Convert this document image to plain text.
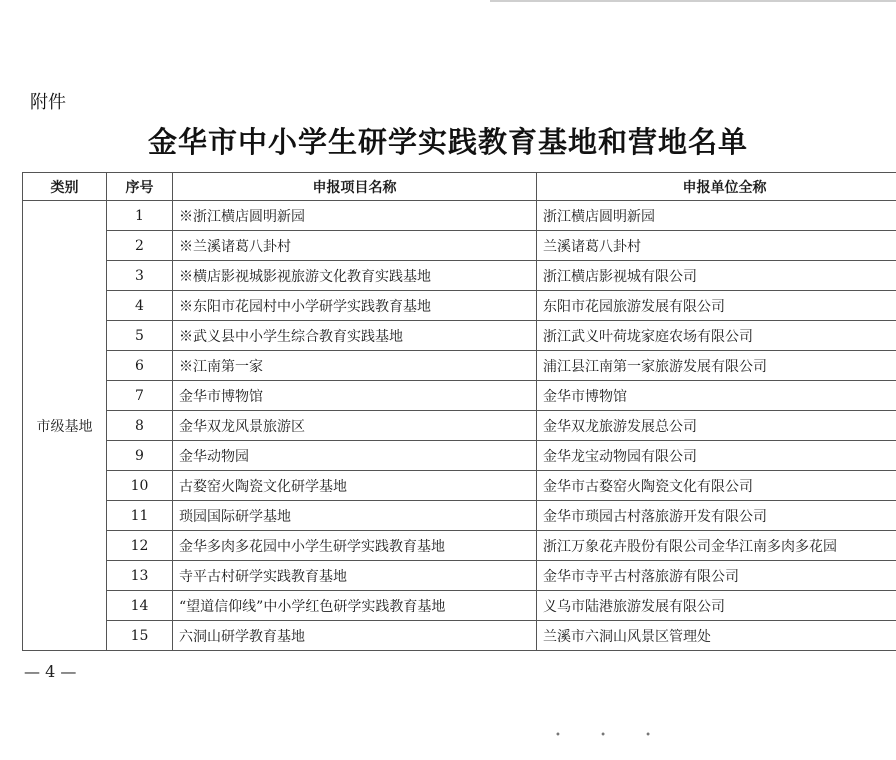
附件
金华市中小学生研学实践教育基地和营地名单
类别	序号	申报项目名称	申报单位全称
市级基地	1	※浙江横店圆明新园	浙江横店圆明新园
	2	※兰溪诸葛八卦村	兰溪诸葛八卦村
	3	※横店影视城影视旅游文化教育实践基地	浙江横店影视城有限公司
	4	※东阳市花园村中小学研学实践教育基地	东阳市花园旅游发展有限公司
	5	※武义县中小学生综合教育实践基地	浙江武义叶荷垅家庭农场有限公司
	6	※江南第一家	浦江县江南第一家旅游发展有限公司
	7	金华市博物馆	金华市博物馆
	8	金华双龙风景旅游区	金华双龙旅游发展总公司
	9	金华动物园	金华龙宝动物园有限公司
	10	古婺窑火陶瓷文化研学基地	金华市古婺窑火陶瓷文化有限公司
	11	琐园国际研学基地	金华市琐园古村落旅游开发有限公司
	12	金华多肉多花园中小学生研学实践教育基地	浙江万象花卉股份有限公司金华江南多肉多花园
	13	寺平古村研学实践教育基地	金华市寺平古村落旅游有限公司
	14	“望道信仰线”中小学红色研学实践教育基地	义乌市陆港旅游发展有限公司
	15	六洞山研学教育基地	兰溪市六洞山风景区管理处
— 4 —
• • •
